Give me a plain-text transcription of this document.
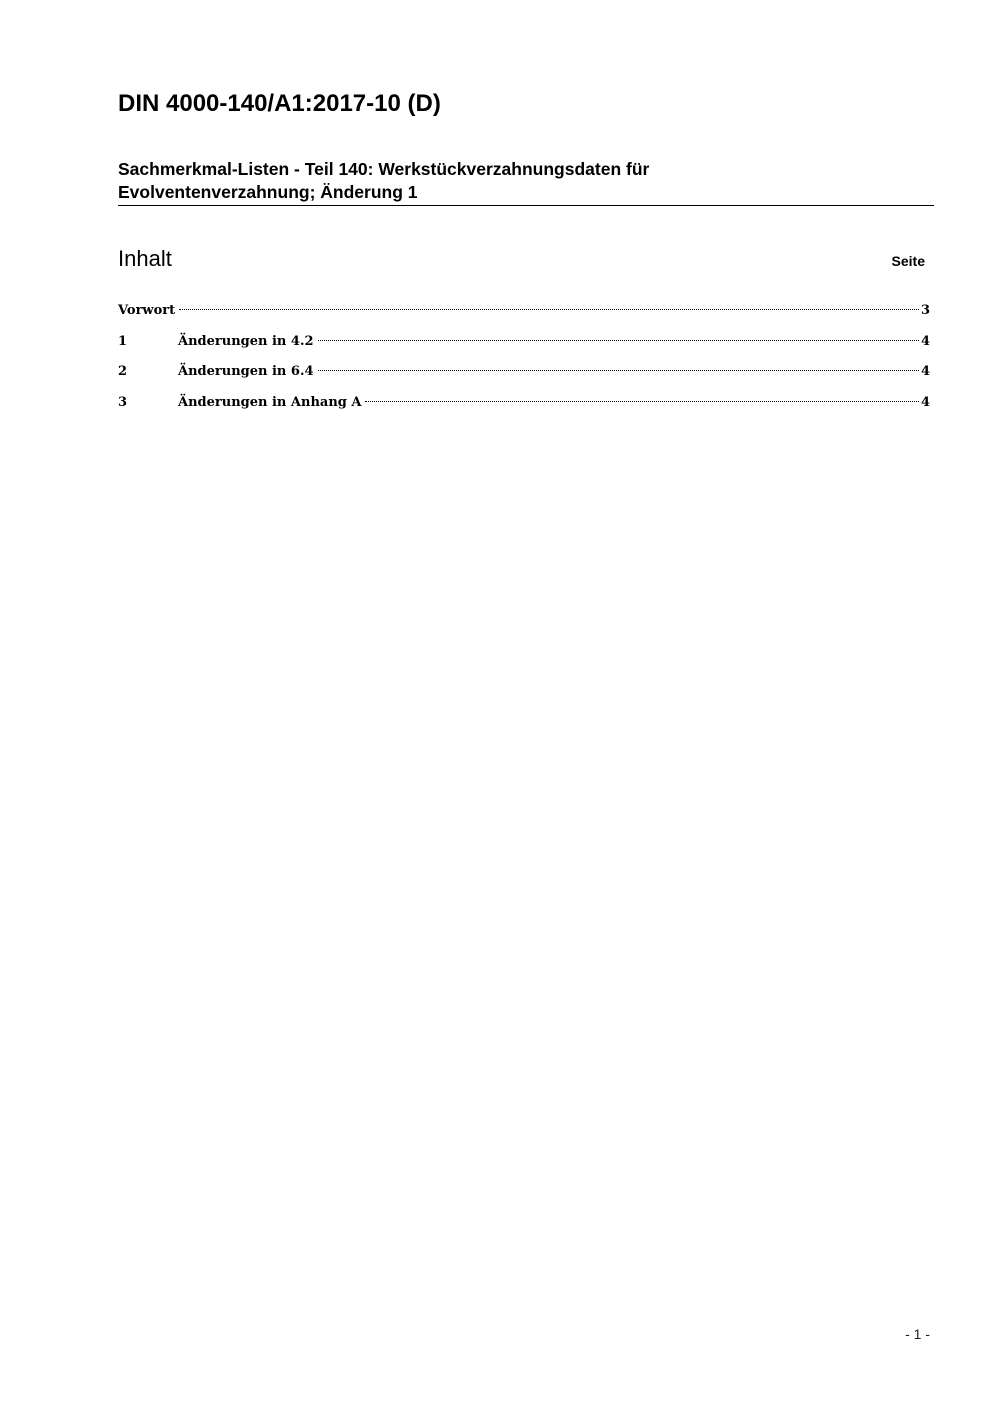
DIN 4000-140/A1:2017-10 (D)
Sachmerkmal-Listen - Teil 140: Werkstückverzahnungsdaten für
Evolventenverzahnung; Änderung 1
Inhalt	Seite
Vorwort	3
1	Änderungen in 4.2	4
2	Änderungen in 6.4	4
3	Änderungen in Anhang A	4
- 1 -
